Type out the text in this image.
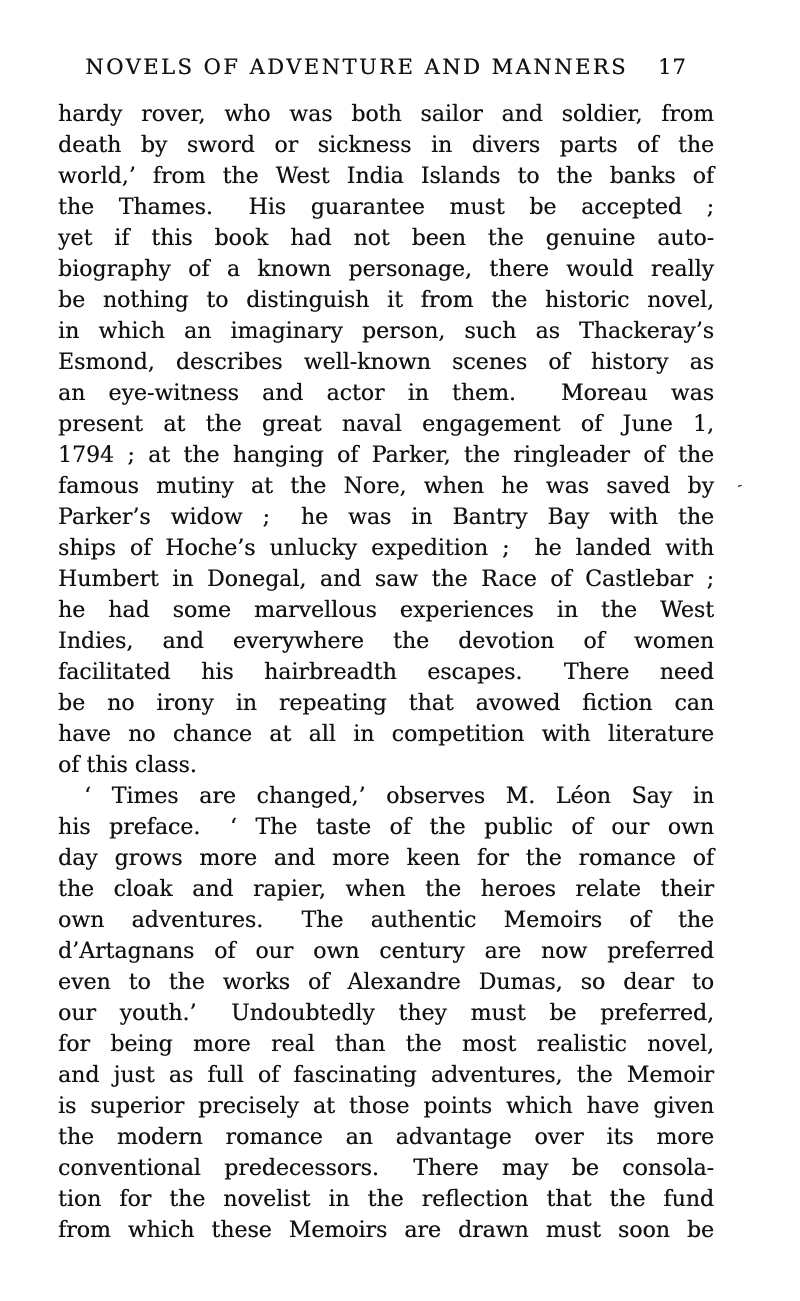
NOVELS OF ADVENTURE AND MANNERS 17
hardy rover, who was both sailor and soldier, from
death by sword or sickness in divers parts of the
world,’ from the West India Islands to the banks of
the Thames.  His guarantee must be accepted ;
yet if this book had not been the genuine auto-
biography of a known personage, there would really
be nothing to distinguish it from the historic novel,
in which an imaginary person, such as Thackeray’s
Esmond, describes well-known scenes of history as
an eye-witness and actor in them.  Moreau was
present at the great naval engagement of June 1,
1794 ; at the hanging of Parker, the ringleader of the
famous mutiny at the Nore, when he was saved by
Parker’s widow ;  he was in Bantry Bay with the
ships of Hoche’s unlucky expedition ;  he landed with
Humbert in Donegal, and saw the Race of Castlebar ;
he had some marvellous experiences in the West
Indies, and everywhere the devotion of women
facilitated his hairbreadth escapes.  There need
be no irony in repeating that avowed fiction can
have no chance at all in competition with literature
of this class.
‘ Times are changed,’ observes M. Léon Say in
his preface.  ‘ The taste of the public of our own
day grows more and more keen for the romance of
the cloak and rapier, when the heroes relate their
own adventures.  The authentic Memoirs of the
d’Artagnans of our own century are now preferred
even to the works of Alexandre Dumas, so dear to
our youth.’  Undoubtedly they must be preferred,
for being more real than the most realistic novel,
and just as full of fascinating adventures, the Memoir
is superior precisely at those points which have given
the modern romance an advantage over its more
conventional predecessors.  There may be consola-
tion for the novelist in the reflection that the fund
from which these Memoirs are drawn must soon be
-
